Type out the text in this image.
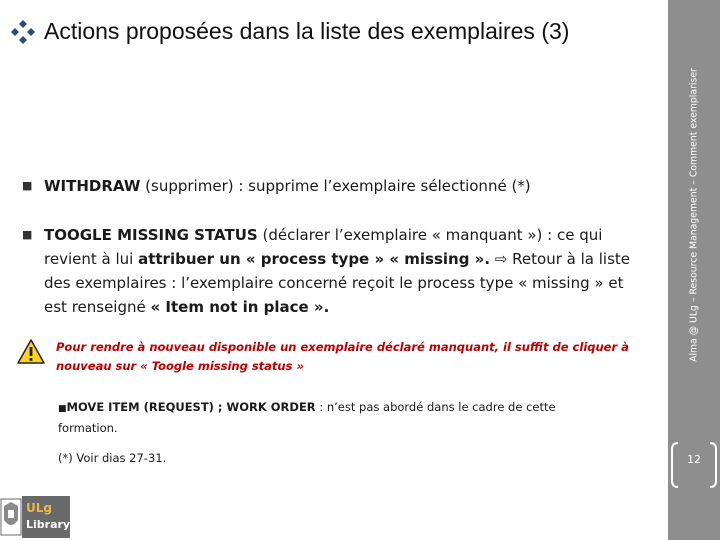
Actions proposées dans la liste des exemplaires (3)
Alma @ ULg – Resource Management – Comment exemplariser
12
■ WITHDRAW (supprimer) : supprime l’exemplaire sélectionné (*)
■ TOOGLE MISSING STATUS (déclarer l’exemplaire « manquant ») : ce qui revient à lui attribuer un « process type » « missing ». ⇨ Retour à la liste des exemplaires : l’exemplaire concerné reçoit le process type « missing » et est renseigné « Item not in place ».
Pour rendre à nouveau disponible un exemplaire déclaré manquant, il suffit de cliquer à nouveau sur « Toogle missing status »
■MOVE ITEM (REQUEST) ; WORK ORDER : n’est pas abordé dans le cadre de cette formation.
(*) Voir dias 27-31.
ULg
Library
